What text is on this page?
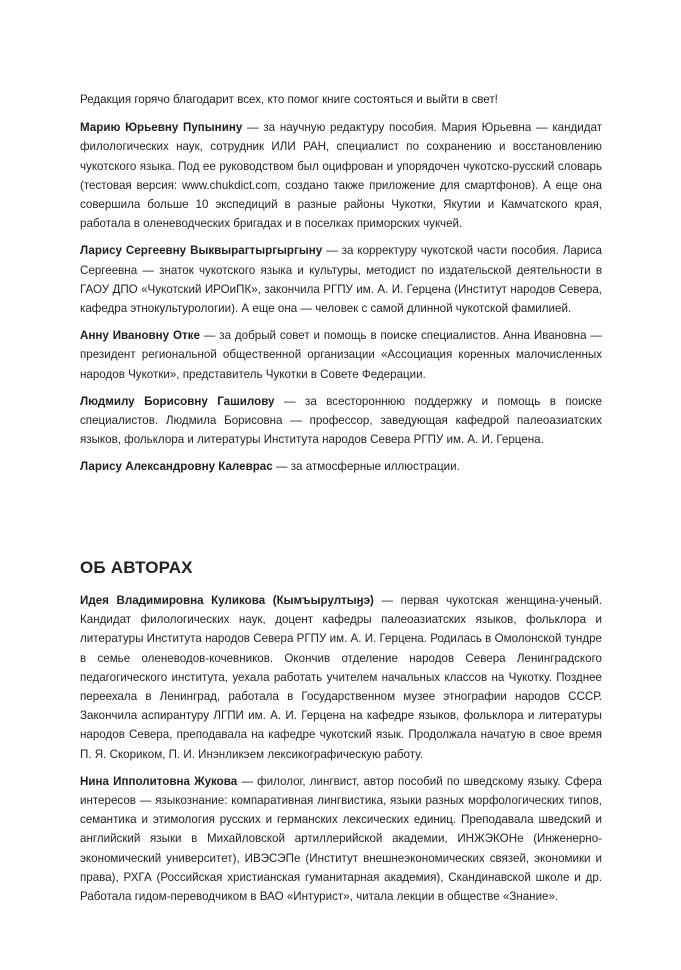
Редакция горячо благодарит всех, кто помог книге состояться и выйти в свет!

Марию Юрьевну Пупынину — за научную редактуру пособия. Мария Юрьевна — кандидат филологических наук, сотрудник ИЛИ РАН, специалист по сохранению и восстановлению чукотского языка. Под ее руководством был оцифрован и упорядочен чукотско-русский словарь (тестовая версия: www.chukdict.com, создано также приложение для смартфонов). А еще она совершила больше 10 экспедиций в разные районы Чукотки, Якутии и Камчатского края, работала в оленеводческих бригадах и в поселках приморских чукчей.

Ларису Сергеевну Выквырагтыргыргыну — за корректуру чукотской части пособия. Лариса Сергеевна — знаток чукотского языка и культуры, методист по издательской деятельности в ГАОУ ДПО «Чукотский ИРОиПК», закончила РГПУ им. А. И. Герцена (Институт народов Севера, кафедра этнокультурологии). А еще она — человек с самой длинной чукотской фамилией.

Анну Ивановну Отке — за добрый совет и помощь в поиске специалистов. Анна Ивановна — президент региональной общественной организации «Ассоциация коренных малочисленных народов Чукотки», представитель Чукотки в Совете Федерации.

Людмилу Борисовну Гашилову — за всестороннюю поддержку и помощь в поиске специалистов. Людмила Борисовна — профессор, заведующая кафедрой палеоазиатских языков, фольклора и литературы Института народов Севера РГПУ им. А. И. Герцена.

Ларису Александровну Калеврас — за атмосферные иллюстрации.

ОБ АВТОРАХ

Идея Владимировна Куликова (Кымъырултыӈэ) — первая чукотская женщина-ученый. Кандидат филологических наук, доцент кафедры палеоазиатских языков, фольклора и литературы Института народов Севера РГПУ им. А. И. Герцена. Родилась в Омолонской тундре в семье оленеводов-кочевников. Окончив отделение народов Севера Ленинградского педагогического института, уехала работать учителем начальных классов на Чукотку. Позднее переехала в Ленинград, работала в Государственном музее этнографии народов СССР. Закончила аспирантуру ЛГПИ им. А. И. Герцена на кафедре языков, фольклора и литературы народов Севера, преподавала на кафедре чукотский язык. Продолжала начатую в свое время П. Я. Скориком, П. И. Инэнликэем лексикографическую работу.

Нина Ипполитовна Жукова — филолог, лингвист, автор пособий по шведскому языку. Сфера интересов — языкознание: компаративная лингвистика, языки разных морфологических типов, семантика и этимология русских и германских лексических единиц. Преподавала шведский и английский языки в Михайловской артиллерийской академии, ИНЖЭКОНе (Инженерно-экономический университет), ИВЭСЭПе (Институт внешнеэкономических связей, экономики и права), РХГА (Российская христианская гуманитарная академия), Скандинавской школе и др. Работала гидом-переводчиком в ВАО «Интурист», читала лекции в обществе «Знание».
